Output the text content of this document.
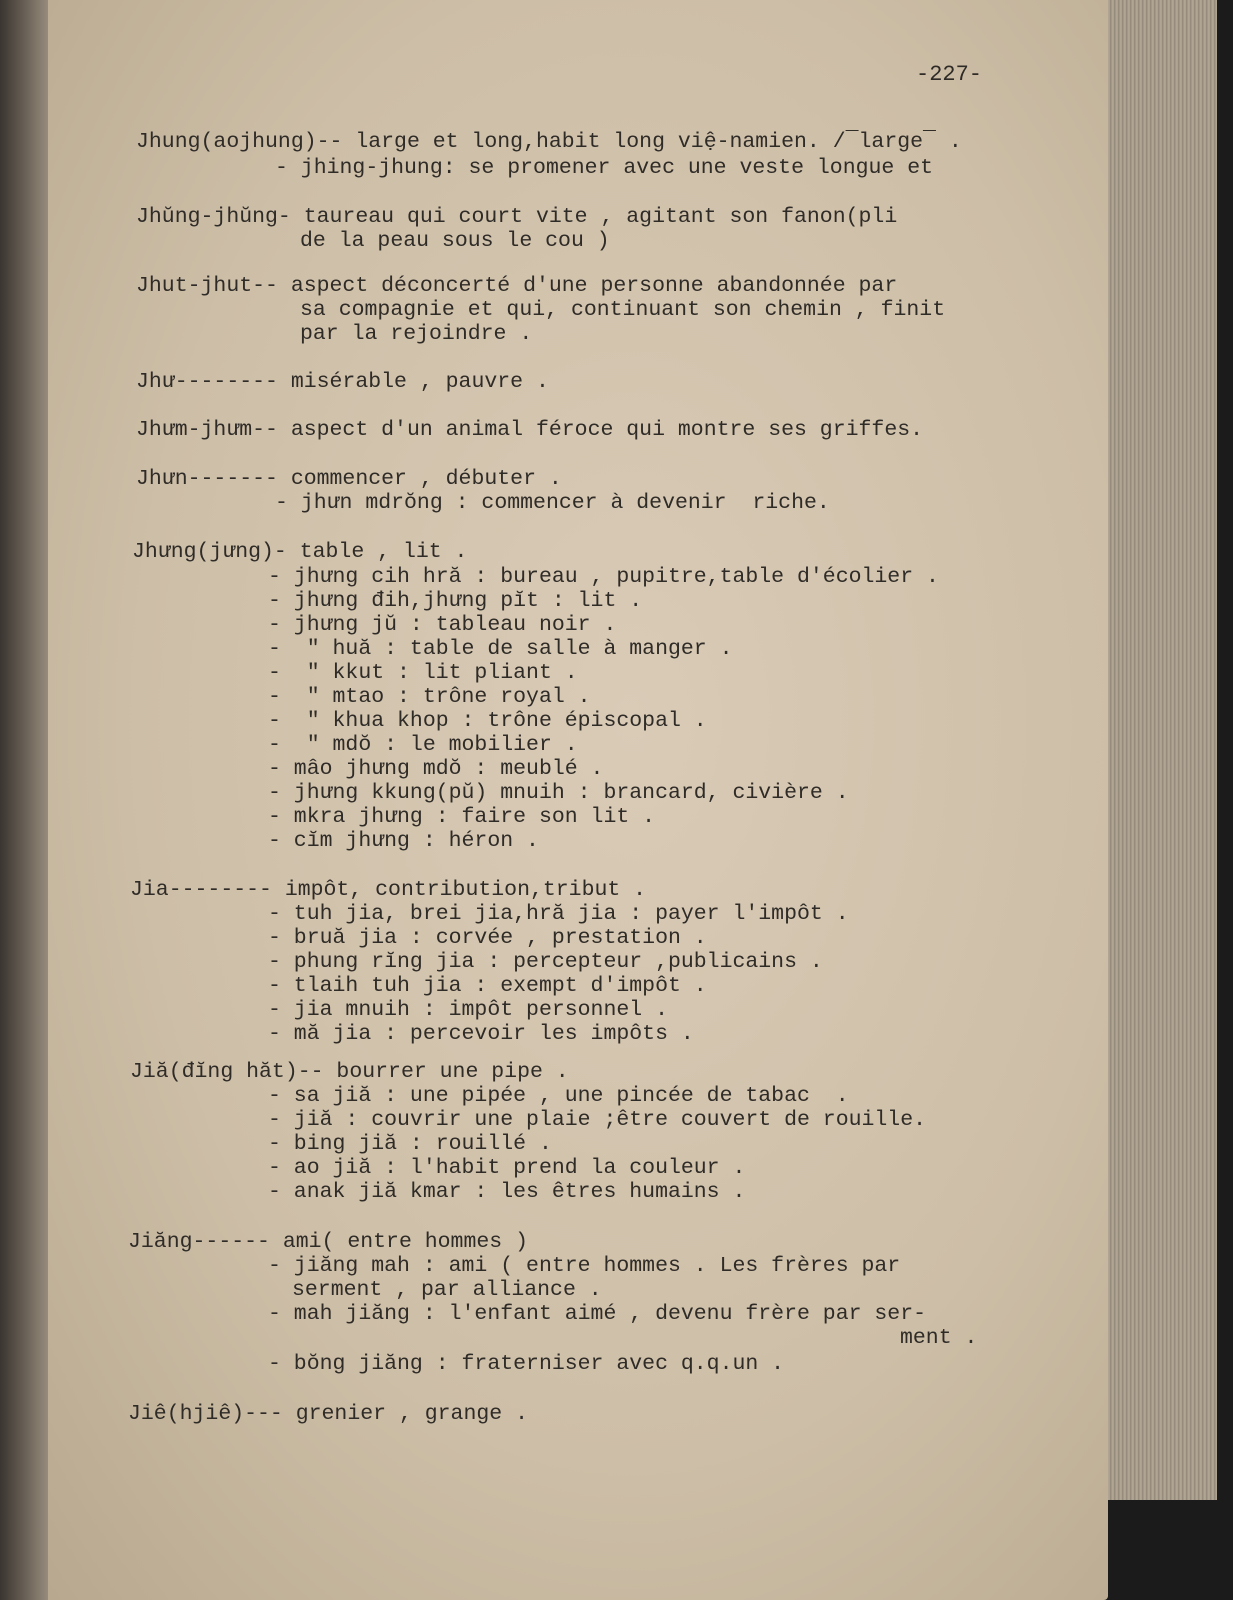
-227-
Jhung(aojhung)-- large et long,habit long việ-namien. /¯large¯ .
- jhing-jhung: se promener avec une veste longue et
Jhŭng-jhŭng- taureau qui court vite , agitant son fanon(pli
de la peau sous le cou )
Jhut-jhut-- aspect déconcerté d'une personne abandonnée par
sa compagnie et qui, continuant son chemin , finit
par la rejoindre .
Jhư-------- misérable , pauvre .
Jhưm-jhưm-- aspect d'un animal féroce qui montre ses griffes.
Jhưn------- commencer , débuter .
- jhưn mdrŏng : commencer à devenir  riche.
Jhưng(jưng)- table , lit .
- jhưng cih hră : bureau , pupitre,table d'écolier .
- jhưng đih,jhưng pĭt : lit .
- jhưng jŭ : tableau noir .
-  " huă : table de salle à manger .
-  " kkut : lit pliant .
-  " mtao : trône royal .
-  " khua khop : trône épiscopal .
-  " mdŏ : le mobilier .
- mâo jhưng mdŏ : meublé .
- jhưng kkung(pŭ) mnuih : brancard, civière .
- mkra jhưng : faire son lit .
- cĭm jhưng : héron .
Jia-------- impôt, contribution,tribut .
- tuh jia, brei jia,hră jia : payer l'impôt .
- bruă jia : corvée , prestation .
- phung rĭng jia : percepteur ,publicains .
- tlaih tuh jia : exempt d'impôt .
- jia mnuih : impôt personnel .
- mă jia : percevoir les impôts .
Jiă(đĭng hăt)-- bourrer une pipe .
- sa jiă : une pipée , une pincée de tabac  .
- jiă : couvrir une plaie ;être couvert de rouille.
- bing jiă : rouillé .
- ao jiă : l'habit prend la couleur .
- anak jiă kmar : les êtres humains .
Jiăng------ ami( entre hommes )
- jiăng mah : ami ( entre hommes . Les frères par
serment , par alliance .
- mah jiăng : l'enfant aimé , devenu frère par ser-
ment .
- bŏng jiăng : fraterniser avec q.q.un .
Jiê(hjiê)--- grenier , grange .
